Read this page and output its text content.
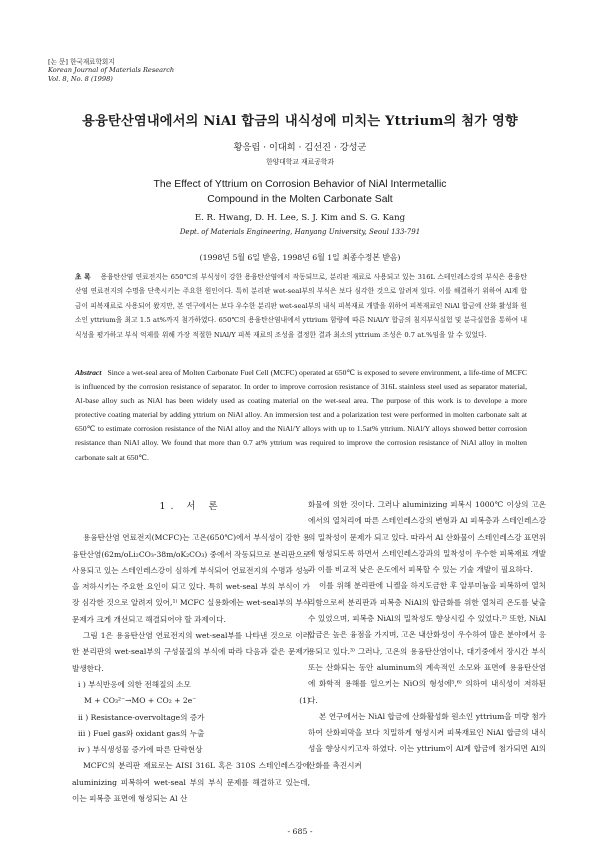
[논 문] 한국재료학회지
Korean Journal of Materials Research
Vol. 8, No. 8 (1998)
용융탄산염내에서의 NiAl 합금의 내식성에 미치는 Yttrium의 첨가 영향
황응림 · 이대희 · 김선진 · 강성군
한양대학교 재료공학과
The Effect of Yttrium on Corrosion Behavior of NiAl Intermetallic
Compound in the Molten Carbonate Salt
E. R. Hwang, D. H. Lee, S. J. Kim and S. G. Kang
Dept. of Materials Engineering, Hanyang University, Seoul 133-791
(1998년 5월 6일 받음, 1998년 6월 1일 최종수정본 받음)
초 록 용융탄산염 연료전지는 650℃의 부식성이 강한 용융탄산염에서 작동되므로, 분리판 재료로 사용되고 있는 316L 스테인레스강의 부식은 용융탄산염 연료전지의 수명을 단축시키는 주요한 원인이다. 특히 분리판 wet-seal부의 부식은 보다 심각한 것으로 알려져 있다. 이를 해결하기 위하여 Al계 합금이 피복재료로 사용되어 왔지만, 본 연구에서는 보다 우수한 분리판 wet-seal부의 내식 피복재료 개발을 위하여 피복재료인 NiAl 합금에 산화 활성화 원소인 yttrium을 최고 1.5 at%까지 첨가하였다. 650℃의 용융탄산염내에서 yttrium 함량에 따른 NiAl/Y 합금의 침지부식실험 및 분극실험을 통하여 내식성을 평가하고 부식 억제를 위해 가장 적절한 NiAl/Y 피복 재료의 조성을 결정한 결과 최소의 yttrium 조성은 0.7 at.%임을 알 수 있었다.
Abstract Since a wet-seal area of Molten Carbonate Fuel Cell (MCFC) operated at 650℃ is exposed to severe environment, a life-time of MCFC is influenced by the corrosion resistance of separator. In order to improve corrosion resistance of 316L stainless steel used as separator material, Al-base alloy such as NiAl has been widely used as coating material on the wet-seal area. The purpose of this work is to develope a more protective coating material by adding yttrium on NiAl alloy. An immersion test and a polarization test were performed in molten carbonate salt at 650℃ to estimate corrosion resistance of the NiAl alloy and the NiAl/Y alloys with up to 1.5at% yttrium. NiAl/Y alloys showed better corrosion resistance than NiAl alloy. We found that more than 0.7 at% yttrium was required to improve the corrosion resistance of NiAl alloy in molten carbonate salt at 650℃.
1. 서 론

용융탄산염 연료전지(MCFC)는 고온(650℃)에서 부식성이 강한 용융탄산염(62m/oLi₂CO₃-38m/oK₂CO₃) 중에서 작동되므로 분리판으로 사용되고 있는 스테인레스강이 심하게 부식되어 연료전지의 수명과 성능을 저하시키는 주요한 요인이 되고 있다. 특히 wet-seal 부의 부식이 가장 심각한 것으로 알려져 있어,¹⁾ MCFC 실용화에는 wet-seal부의 부식 문제가 크게 개선되고 해결되어야 할 과제이다.

그림 1은 용융탄산염 연료전지의 wet-seal부를 나타낸 것으로 이러한 분리판의 wet-seal부의 구성물질의 부식에 따라 다음과 같은 문제가 발생한다.

i ) 부식반응에 의한 전해질의 소모
M + CO₃²⁻→MO + CO₂ + 2e⁻	(1)
ii ) Resistance-overvoltage의 증가
iii ) Fuel gas와 oxidant gas의 누출
iv ) 부식생성물 증가에 따른 단락현상

MCFC의 분리판 재료로는 AISI 316L 혹은 310S 스테인레스강에 aluminizing 피복하여 wet-seal 부의 부식 문제를 해결하고 있는데, 이는 피복층 표면에 형성되는 Al 산

화물에 의한 것이다. 그러나 aluminizing 피복시 1000℃ 이상의 고온에서의 열처리에 따른 스테인레스강의 변형과 Al 피복층과 스테인레스강의 밀착성이 문제가 되고 있다. 따라서 Al 산화물이 스테인레스강 표면위에 형성되도록 하면서 스테인레스강과의 밀착성이 우수한 피복재료 개발과 이를 비교적 낮은 온도에서 피복할 수 있는 기술 개발이 필요하다.

이를 위해 분리판에 니켈을 하지도금한 후 알루미늄을 피복하여 열처리함으로써 분리판과 피복층 NiAl의 합금화를 위한 열처리 온도를 낮출 수 있었으며, 피복층 NiAl의 밀착성도 향상시킬 수 있었다.²⁾ 또한, NiAl 합금은 높은 융점을 가지며, 고온 내산화성이 우수하여 많은 분야에서 응용되고 있다.³⁾ 그러나, 고온의 용융탄산염이나, 대기중에서 장시간 부식 또는 산화되는 동안 aluminum의 계속적인 소모와 표면에 용융탄산염에 화학적 용해를 일으키는 NiO의 형성에⁵,⁶⁾ 의하여 내식성이 저하된다.

본 연구에서는 NiAl 합금에 산화활성화 원소인 yttrium을 미량 첨가하여 산화피막을 보다 치밀하게 형성시켜 피복재료인 NiAl 합금의 내식성을 향상시키고자 하였다. 이는 yttrium이 Al계 합금에 첨가되면 Al의 산화를 촉진시켜

- 685 -
